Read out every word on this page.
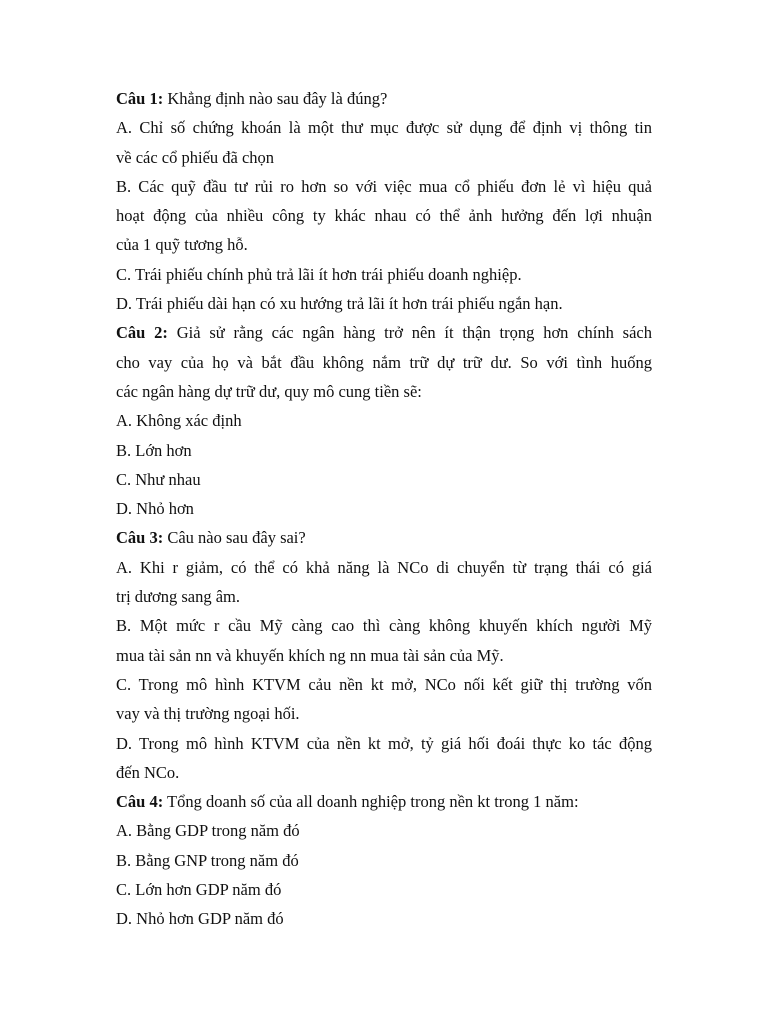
Câu 1: Khẳng định nào sau đây là đúng?
A. Chỉ số chứng khoán là một thư mục được sử dụng để định vị thông tin
về các cổ phiếu đã chọn
B. Các quỹ đầu tư rủi ro hơn so với việc mua cổ phiếu đơn lẻ vì hiệu quả
hoạt động của nhiều công ty khác nhau có thể ảnh hưởng đến lợi nhuận
của 1 quỹ tương hỗ.
C. Trái phiếu chính phủ trả lãi ít hơn trái phiếu doanh nghiệp.
D. Trái phiếu dài hạn có xu hướng trả lãi ít hơn trái phiếu ngắn hạn.
Câu 2: Giả sử rằng các ngân hàng trở nên ít thận trọng hơn chính sách
cho vay của họ và bắt đầu không nắm trữ dự trữ dư. So với tình huống
các ngân hàng dự trữ dư, quy mô cung tiền sẽ:
A. Không xác định
B. Lớn hơn
C. Như nhau
D. Nhỏ hơn
Câu 3: Câu nào sau đây sai?
A. Khi r giảm, có thể có khả năng là NCo di chuyển từ trạng thái có giá
trị dương sang âm.
B. Một mức r cầu Mỹ càng cao thì càng không khuyến khích người Mỹ
mua tài sản nn và khuyến khích ng nn mua tài sản của Mỹ.
C. Trong mô hình KTVM cảu nền kt mở, NCo nối kết giữ thị trường vốn
vay và thị trường ngoại hối.
D. Trong mô hình KTVM của nền kt mở, tỷ giá hối đoái thực ko tác động
đến NCo.
Câu 4: Tổng doanh số của all doanh nghiệp trong nền kt trong 1 năm:
A. Bằng GDP trong năm đó
B. Bằng GNP trong năm đó
C. Lớn hơn GDP năm đó
D. Nhỏ hơn GDP năm đó
